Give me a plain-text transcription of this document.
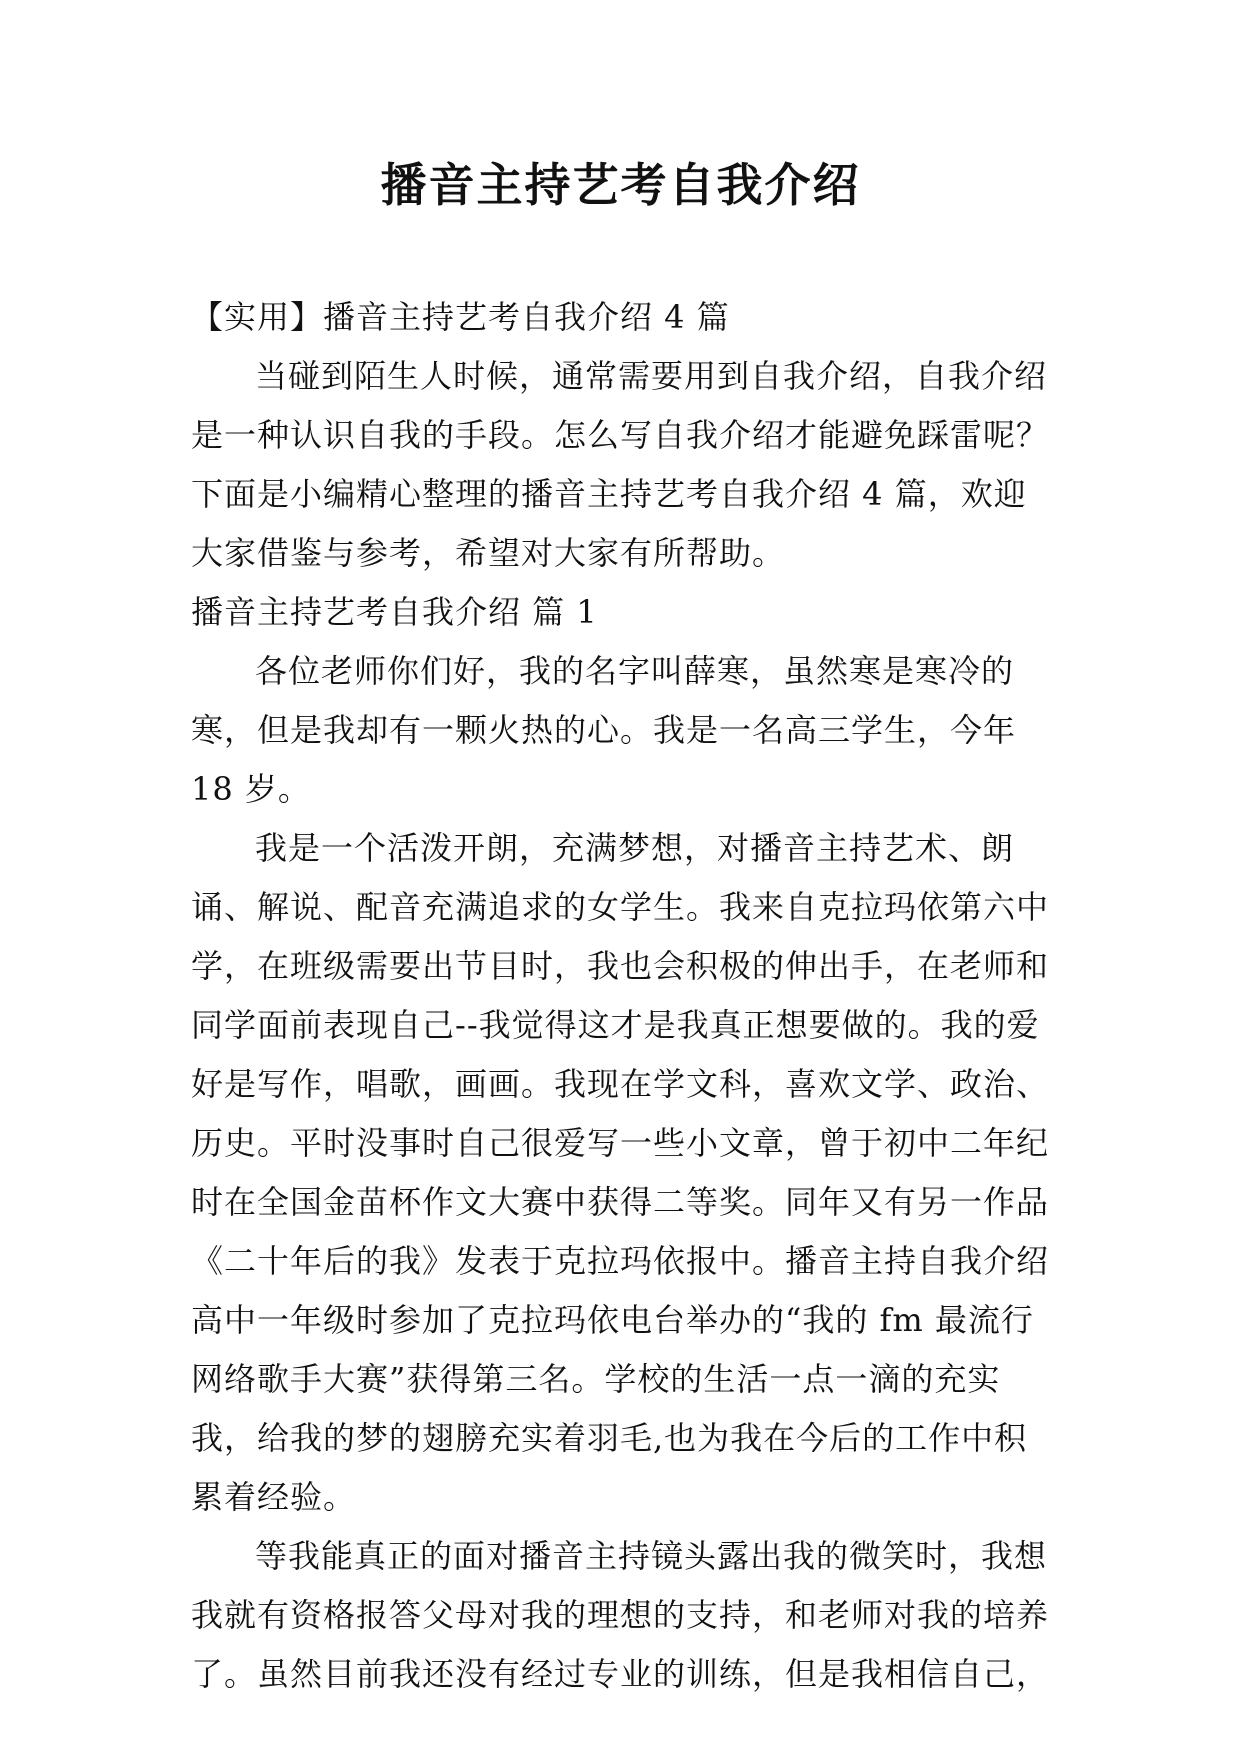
播音主持艺考自我介绍

【实用】播音主持艺考自我介绍 4 篇

当碰到陌生人时候，通常需要用到自我介绍，自我介绍是一种认识自我的手段。怎么写自我介绍才能避免踩雷呢？下面是小编精心整理的播音主持艺考自我介绍 4 篇，欢迎大家借鉴与参考，希望对大家有所帮助。

播音主持艺考自我介绍 篇 1

各位老师你们好，我的名字叫薛寒，虽然寒是寒冷的寒，但是我却有一颗火热的心。我是一名高三学生，今年 18 岁。

我是一个活泼开朗，充满梦想，对播音主持艺术、朗诵、解说、配音充满追求的女学生。我来自克拉玛依第六中学，在班级需要出节目时，我也会积极的伸出手，在老师和同学面前表现自己--我觉得这才是我真正想要做的。我的爱好是写作，唱歌，画画。我现在学文科，喜欢文学、政治、历史。平时没事时自己很爱写一些小文章，曾于初中二年纪时在全国金苗杯作文大赛中获得二等奖。同年又有另一作品《二十年后的我》发表于克拉玛依报中。播音主持自我介绍高中一年级时参加了克拉玛依电台举办的“我的 fm 最流行网络歌手大赛”获得第三名。学校的生活一点一滴的充实我，给我的梦的翅膀充实着羽毛,也为我在今后的工作中积累着经验。

等我能真正的面对播音主持镜头露出我的微笑时，我想我就有资格报答父母对我的理想的支持，和老师对我的培养了。虽然目前我还没有经过专业的训练，但是我相信自己，
